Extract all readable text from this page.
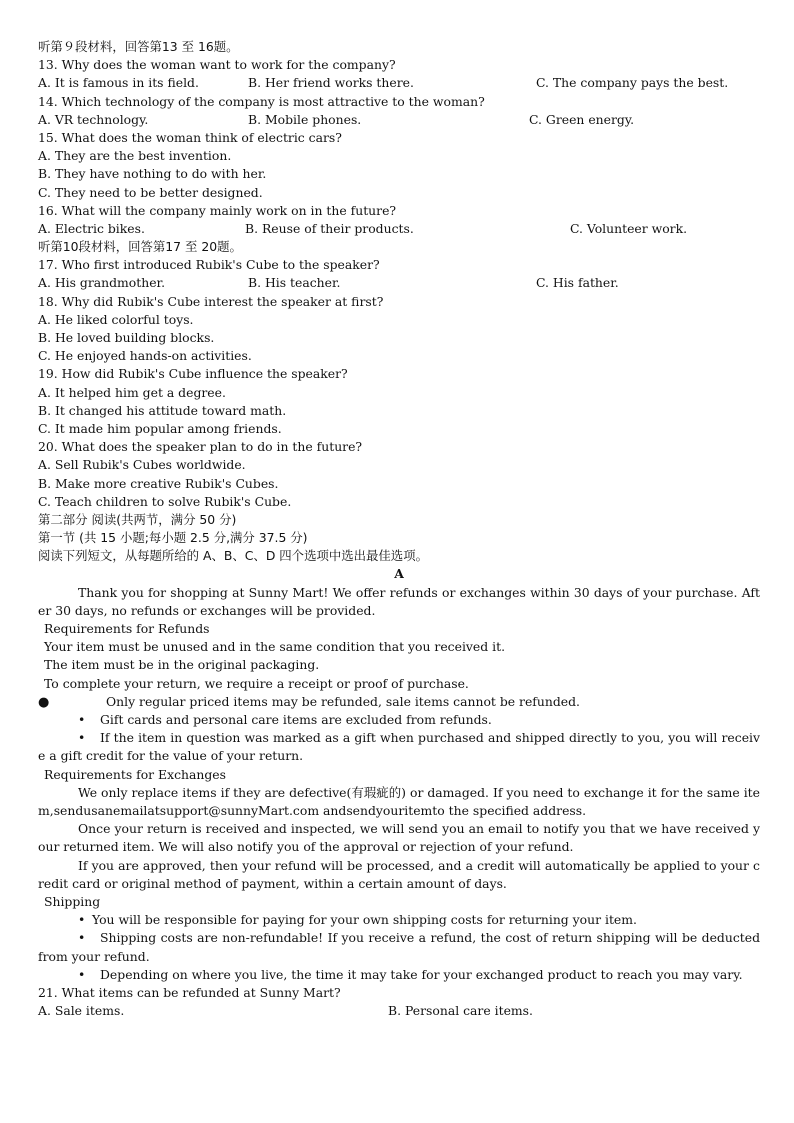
听第９段材料，回答第13 至 16题。
13. Why does the woman want to work for the company?
A. It is famous in its field.	B. Her friend works there.	C. The company pays the best.
14. Which technology of the company is most attractive to the woman?
A. VR technology.	B. Mobile phones.	C. Green energy.
15. What does the woman think of electric cars?
A. They are the best invention.
B. They have nothing to do with her.
C. They need to be better designed.
16. What will the company mainly work on in the future?
A. Electric bikes.	B. Reuse of their products.	C. Volunteer work.
听第10段材料，回答第17 至 20题。
17. Who first introduced Rubik's Cube to the speaker?
A. His grandmother.	B. His teacher.	C. His father.
18. Why did Rubik's Cube interest the speaker at first?
A. He liked colorful toys.
B. He loved building blocks.
C. He enjoyed hands-on activities.
19. How did Rubik's Cube influence the speaker?
A. It helped him get a degree.
B. It changed his attitude toward math.
C. It made him popular among friends.
20. What does the speaker plan to do in the future?
A. Sell Rubik's Cubes worldwide.
B. Make more creative Rubik's Cubes.
C. Teach children to solve Rubik's Cube.
第二部分 阅读(共两节，满分 50 分)
第一节 (共 15 小题;每小题 2.5 分,满分 37.5 分)
阅读下列短文，从每题所给的 A、B、C、D 四个选项中选出最佳选项。
A
Thank you for shopping at Sunny Mart! We offer refunds or exchanges within 30 days of your purchase. After 30 days, no refunds or exchanges will be provided.
Requirements for Refunds
Your item must be unused and in the same condition that you received it.
The item must be in the original packaging.
To complete your return, we require a receipt or proof of purchase.
●	Only regular priced items may be refunded, sale items cannot be refunded.
• Gift cards and personal care items are excluded from refunds.
• If the item in question was marked as a gift when purchased and shipped directly to you, you will receive a gift credit for the value of your return.
Requirements for Exchanges
We only replace items if they are defective(有瑕疵的) or damaged. If you need to exchange it for the same item,sendusanemailatsupport@sunnyMart.com andsendyouritemto the specified address.
Once your return is received and inspected, we will send you an email to notify you that we have received your returned item. We will also notify you of the approval or rejection of your refund.
If you are approved, then your refund will be processed, and a credit will automatically be applied to your credit card or original method of payment, within a certain amount of days.
Shipping
• You will be responsible for paying for your own shipping costs for returning your item.
• Shipping costs are non-refundable! If you receive a refund, the cost of return shipping will be deducted from your refund.
• Depending on where you live, the time it may take for your exchanged product to reach you may vary.
21. What items can be refunded at Sunny Mart?
A. Sale items.	B. Personal care items.
